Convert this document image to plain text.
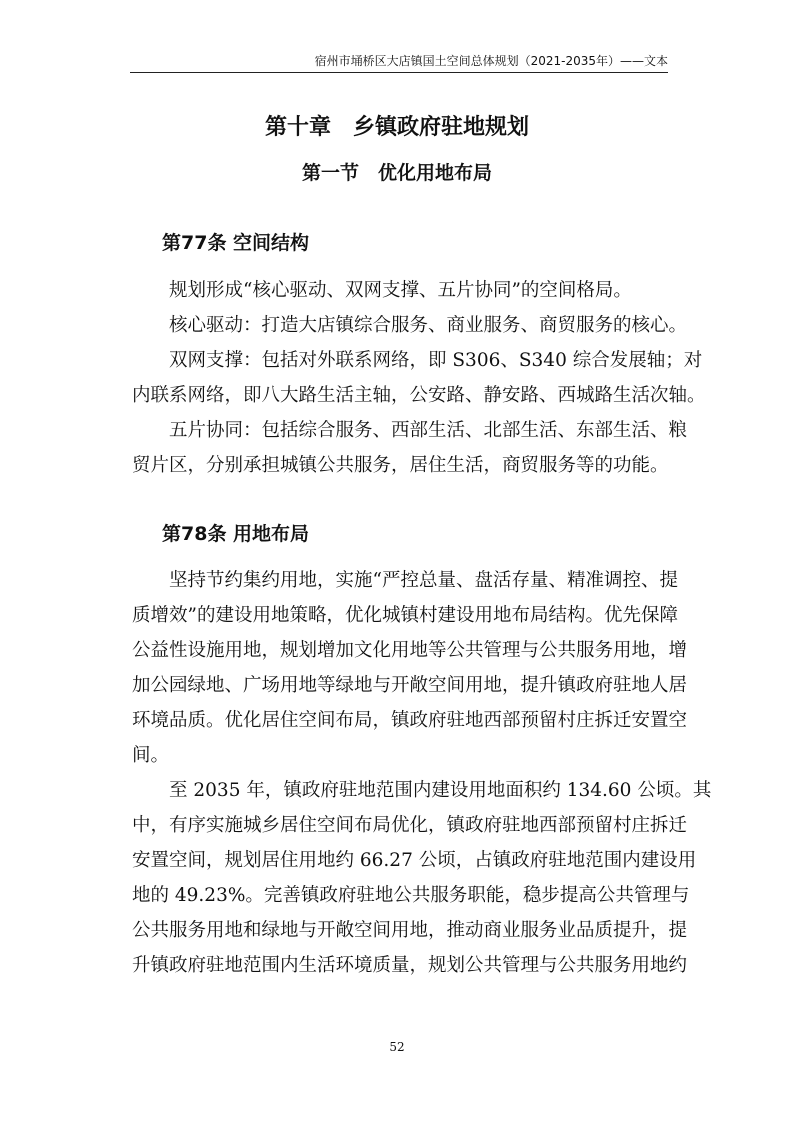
宿州市埇桥区大店镇国土空间总体规划（2021-2035年）——文本
第十章　乡镇政府驻地规划
第一节　优化用地布局
第77条 空间结构
规划形成“核心驱动、双网支撑、五片协同”的空间格局。
核心驱动：打造大店镇综合服务、商业服务、商贸服务的核心。
双网支撑：包括对外联系网络，即 S306、S340 综合发展轴；对
内联系网络，即八大路生活主轴，公安路、静安路、西城路生活次轴。
五片协同：包括综合服务、西部生活、北部生活、东部生活、粮
贸片区，分别承担城镇公共服务，居住生活，商贸服务等的功能。
第78条 用地布局
坚持节约集约用地，实施“严控总量、盘活存量、精准调控、提
质增效”的建设用地策略，优化城镇村建设用地布局结构。优先保障
公益性设施用地，规划增加文化用地等公共管理与公共服务用地，增
加公园绿地、广场用地等绿地与开敞空间用地，提升镇政府驻地人居
环境品质。优化居住空间布局，镇政府驻地西部预留村庄拆迁安置空
间。
至 2035 年，镇政府驻地范围内建设用地面积约 134.60 公顷。其
中，有序实施城乡居住空间布局优化，镇政府驻地西部预留村庄拆迁
安置空间，规划居住用地约 66.27 公顷，占镇政府驻地范围内建设用
地的 49.23%。完善镇政府驻地公共服务职能，稳步提高公共管理与
公共服务用地和绿地与开敞空间用地，推动商业服务业品质提升，提
升镇政府驻地范围内生活环境质量，规划公共管理与公共服务用地约
52
